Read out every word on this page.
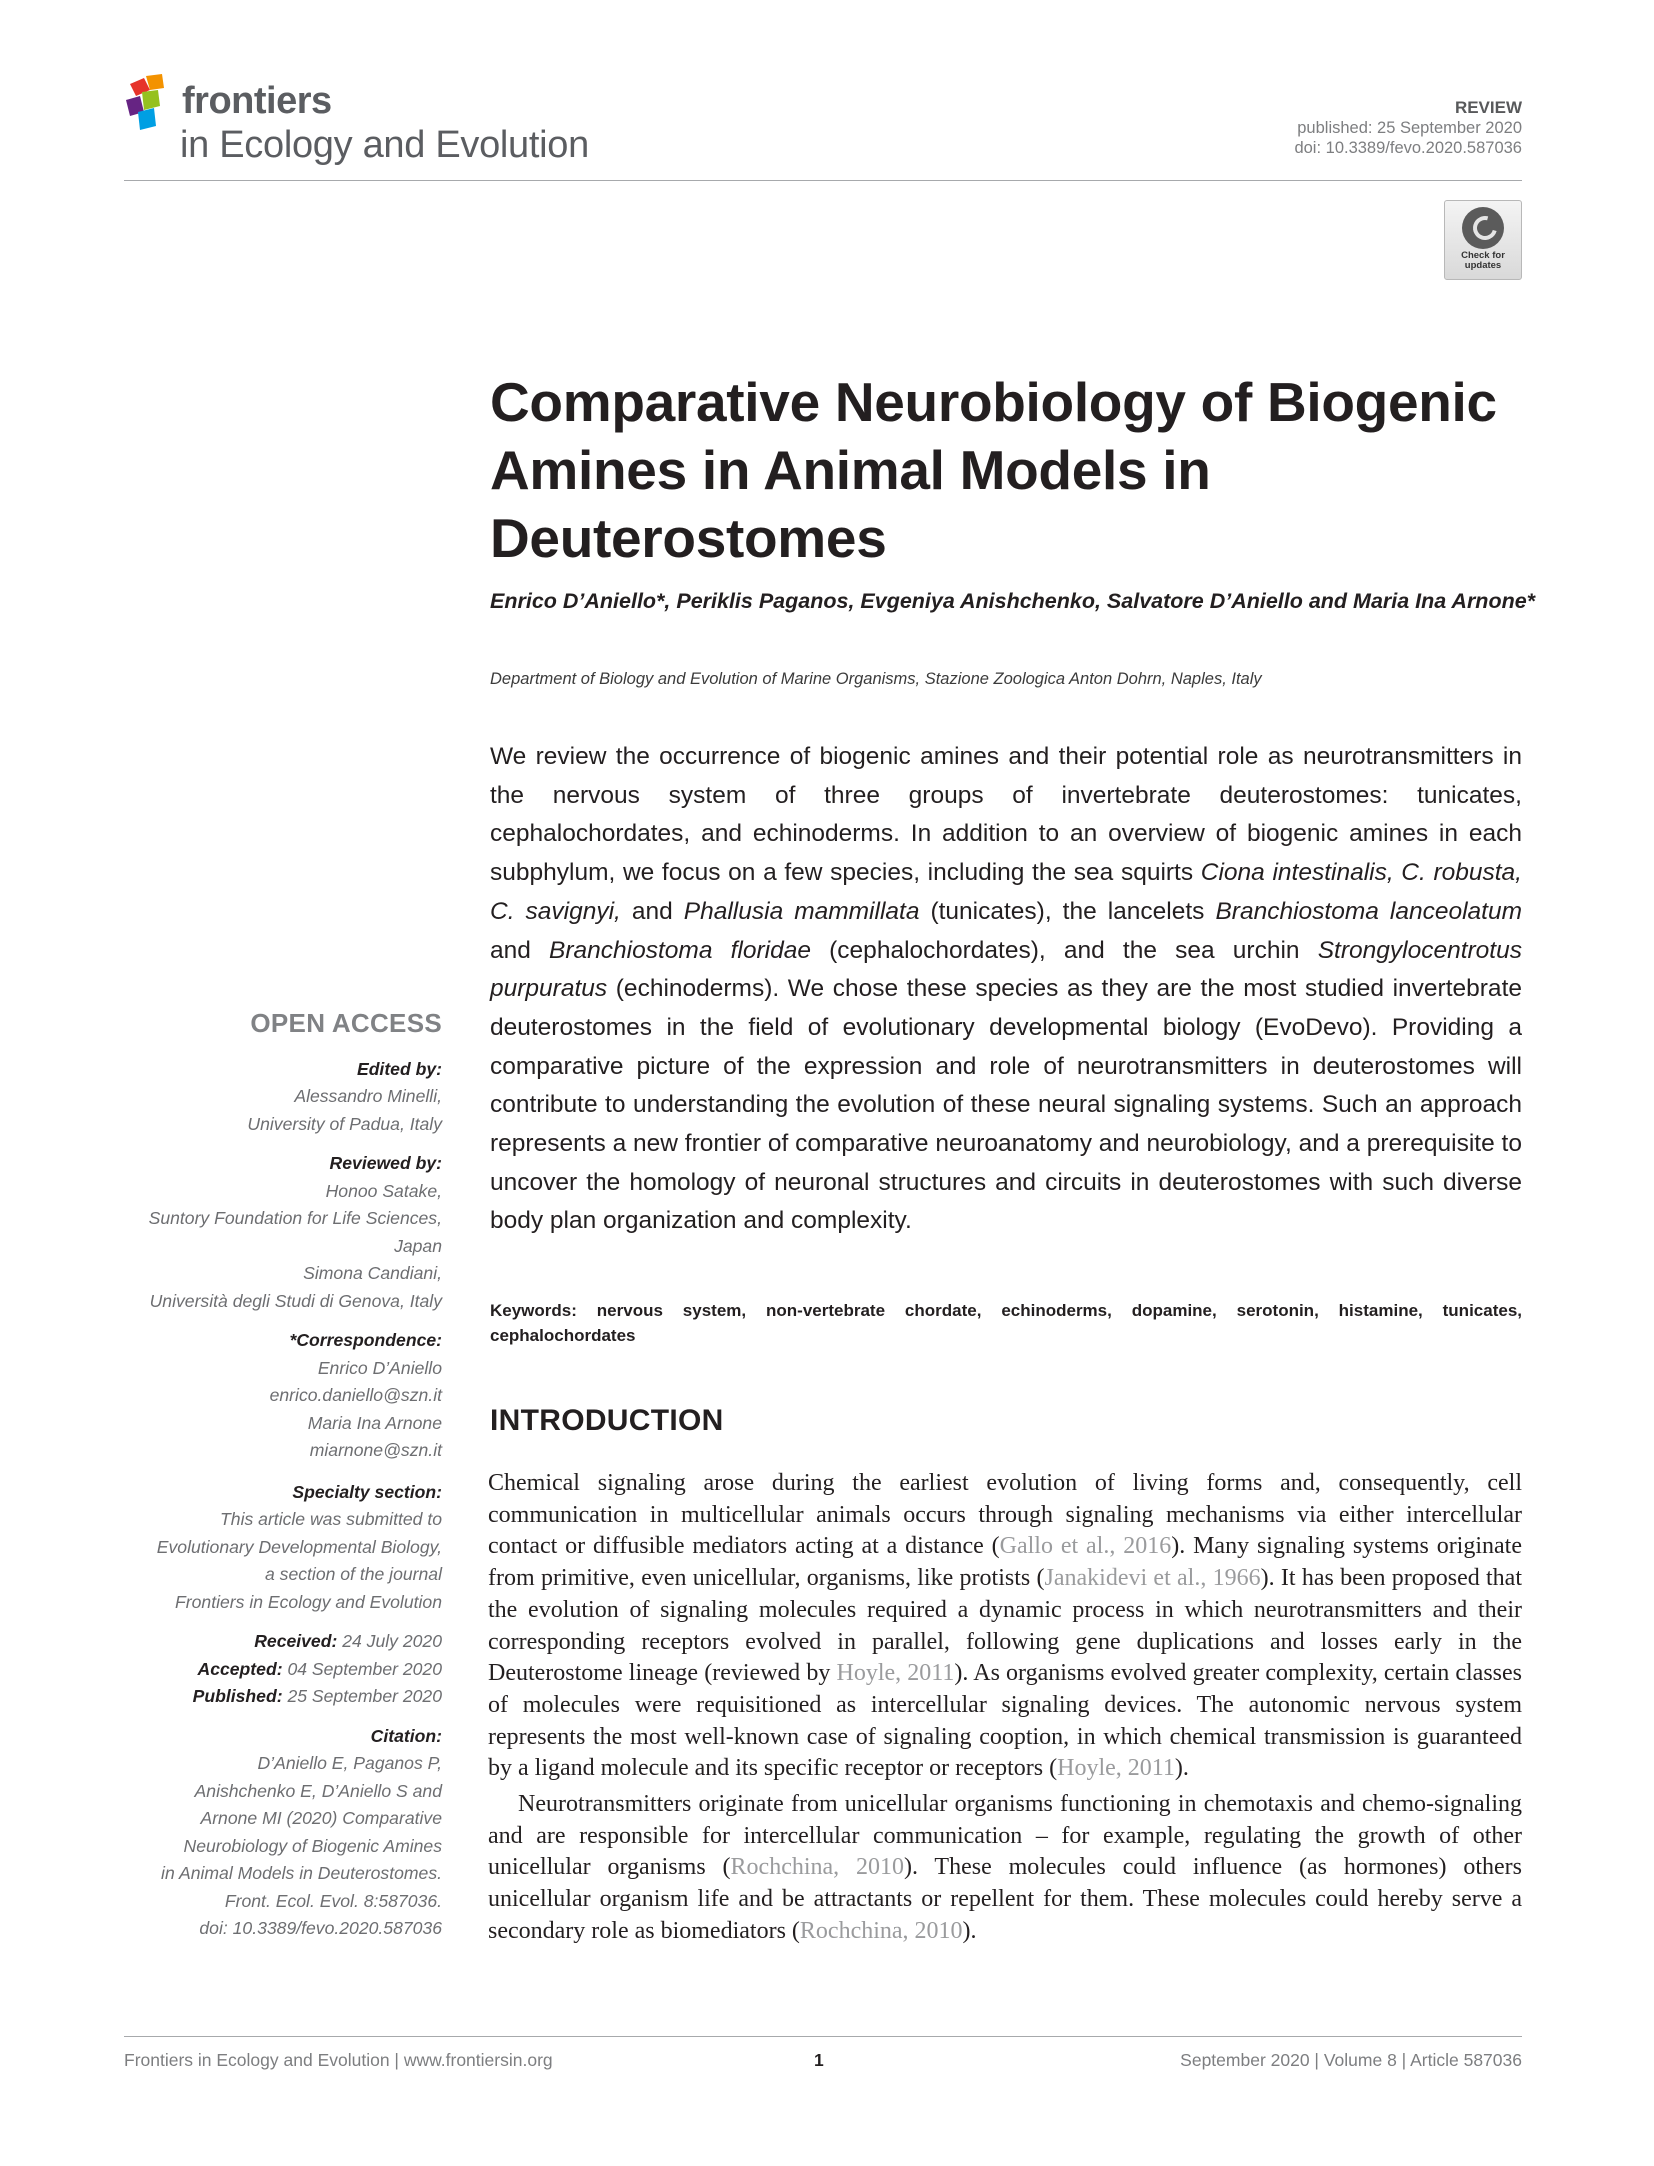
frontiers
in Ecology and Evolution
REVIEW
published: 25 September 2020
doi: 10.3389/fevo.2020.587036
Check for updates
Comparative Neurobiology of Biogenic Amines in Animal Models in Deuterostomes
Enrico D’Aniello*, Periklis Paganos, Evgeniya Anishchenko, Salvatore D’Aniello and Maria Ina Arnone*
Department of Biology and Evolution of Marine Organisms, Stazione Zoologica Anton Dohrn, Naples, Italy
We review the occurrence of biogenic amines and their potential role as neurotransmitters in the nervous system of three groups of invertebrate deuterostomes: tunicates, cephalochordates, and echinoderms. In addition to an overview of biogenic amines in each subphylum, we focus on a few species, including the sea squirts Ciona intestinalis, C. robusta, C. savignyi, and Phallusia mammillata (tunicates), the lancelets Branchiostoma lanceolatum and Branchiostoma floridae (cephalochordates), and the sea urchin Strongylocentrotus purpuratus (echinoderms). We chose these species as they are the most studied invertebrate deuterostomes in the field of evolutionary developmental biology (EvoDevo). Providing a comparative picture of the expression and role of neurotransmitters in deuterostomes will contribute to understanding the evolution of these neural signaling systems. Such an approach represents a new frontier of comparative neuroanatomy and neurobiology, and a prerequisite to uncover the homology of neuronal structures and circuits in deuterostomes with such diverse body plan organization and complexity.
Keywords: nervous system, non-vertebrate chordate, echinoderms, dopamine, serotonin, histamine, tunicates, cephalochordates
INTRODUCTION

Chemical signaling arose during the earliest evolution of living forms and, consequently, cell communication in multicellular animals occurs through signaling mechanisms via either intercellular contact or diffusible mediators acting at a distance (Gallo et al., 2016). Many signaling systems originate from primitive, even unicellular, organisms, like protists (Janakidevi et al., 1966). It has been proposed that the evolution of signaling molecules required a dynamic process in which neurotransmitters and their corresponding receptors evolved in parallel, following gene duplications and losses early in the Deuterostome lineage (reviewed by Hoyle, 2011). As organisms evolved greater complexity, certain classes of molecules were requisitioned as intercellular signaling devices. The autonomic nervous system represents the most well-known case of signaling cooption, in which chemical transmission is guaranteed by a ligand molecule and its specific receptor or receptors (Hoyle, 2011).

Neurotransmitters originate from unicellular organisms functioning in chemotaxis and chemo-signaling and are responsible for intercellular communication – for example, regulating the growth of other unicellular organisms (Rochchina, 2010). These molecules could influence (as hormones) others unicellular organism life and be attractants or repellent for them. These molecules could hereby serve a secondary role as biomediators (Rochchina, 2010).

OPEN ACCESS
Edited by:
Alessandro Minelli,
University of Padua, Italy
Reviewed by:
Honoo Satake,
Suntory Foundation for Life Sciences,
Japan
Simona Candiani,
Università degli Studi di Genova, Italy
*Correspondence:
Enrico D’Aniello
enrico.daniello@szn.it
Maria Ina Arnone
miarnone@szn.it
Specialty section:
This article was submitted to
Evolutionary Developmental Biology,
a section of the journal
Frontiers in Ecology and Evolution
Received: 24 July 2020
Accepted: 04 September 2020
Published: 25 September 2020
Citation:
D’Aniello E, Paganos P,
Anishchenko E, D’Aniello S and
Arnone MI (2020) Comparative
Neurobiology of Biogenic Amines
in Animal Models in Deuterostomes.
Front. Ecol. Evol. 8:587036.
doi: 10.3389/fevo.2020.587036
Frontiers in Ecology and Evolution | www.frontiersin.org	1	September 2020 | Volume 8 | Article 587036
